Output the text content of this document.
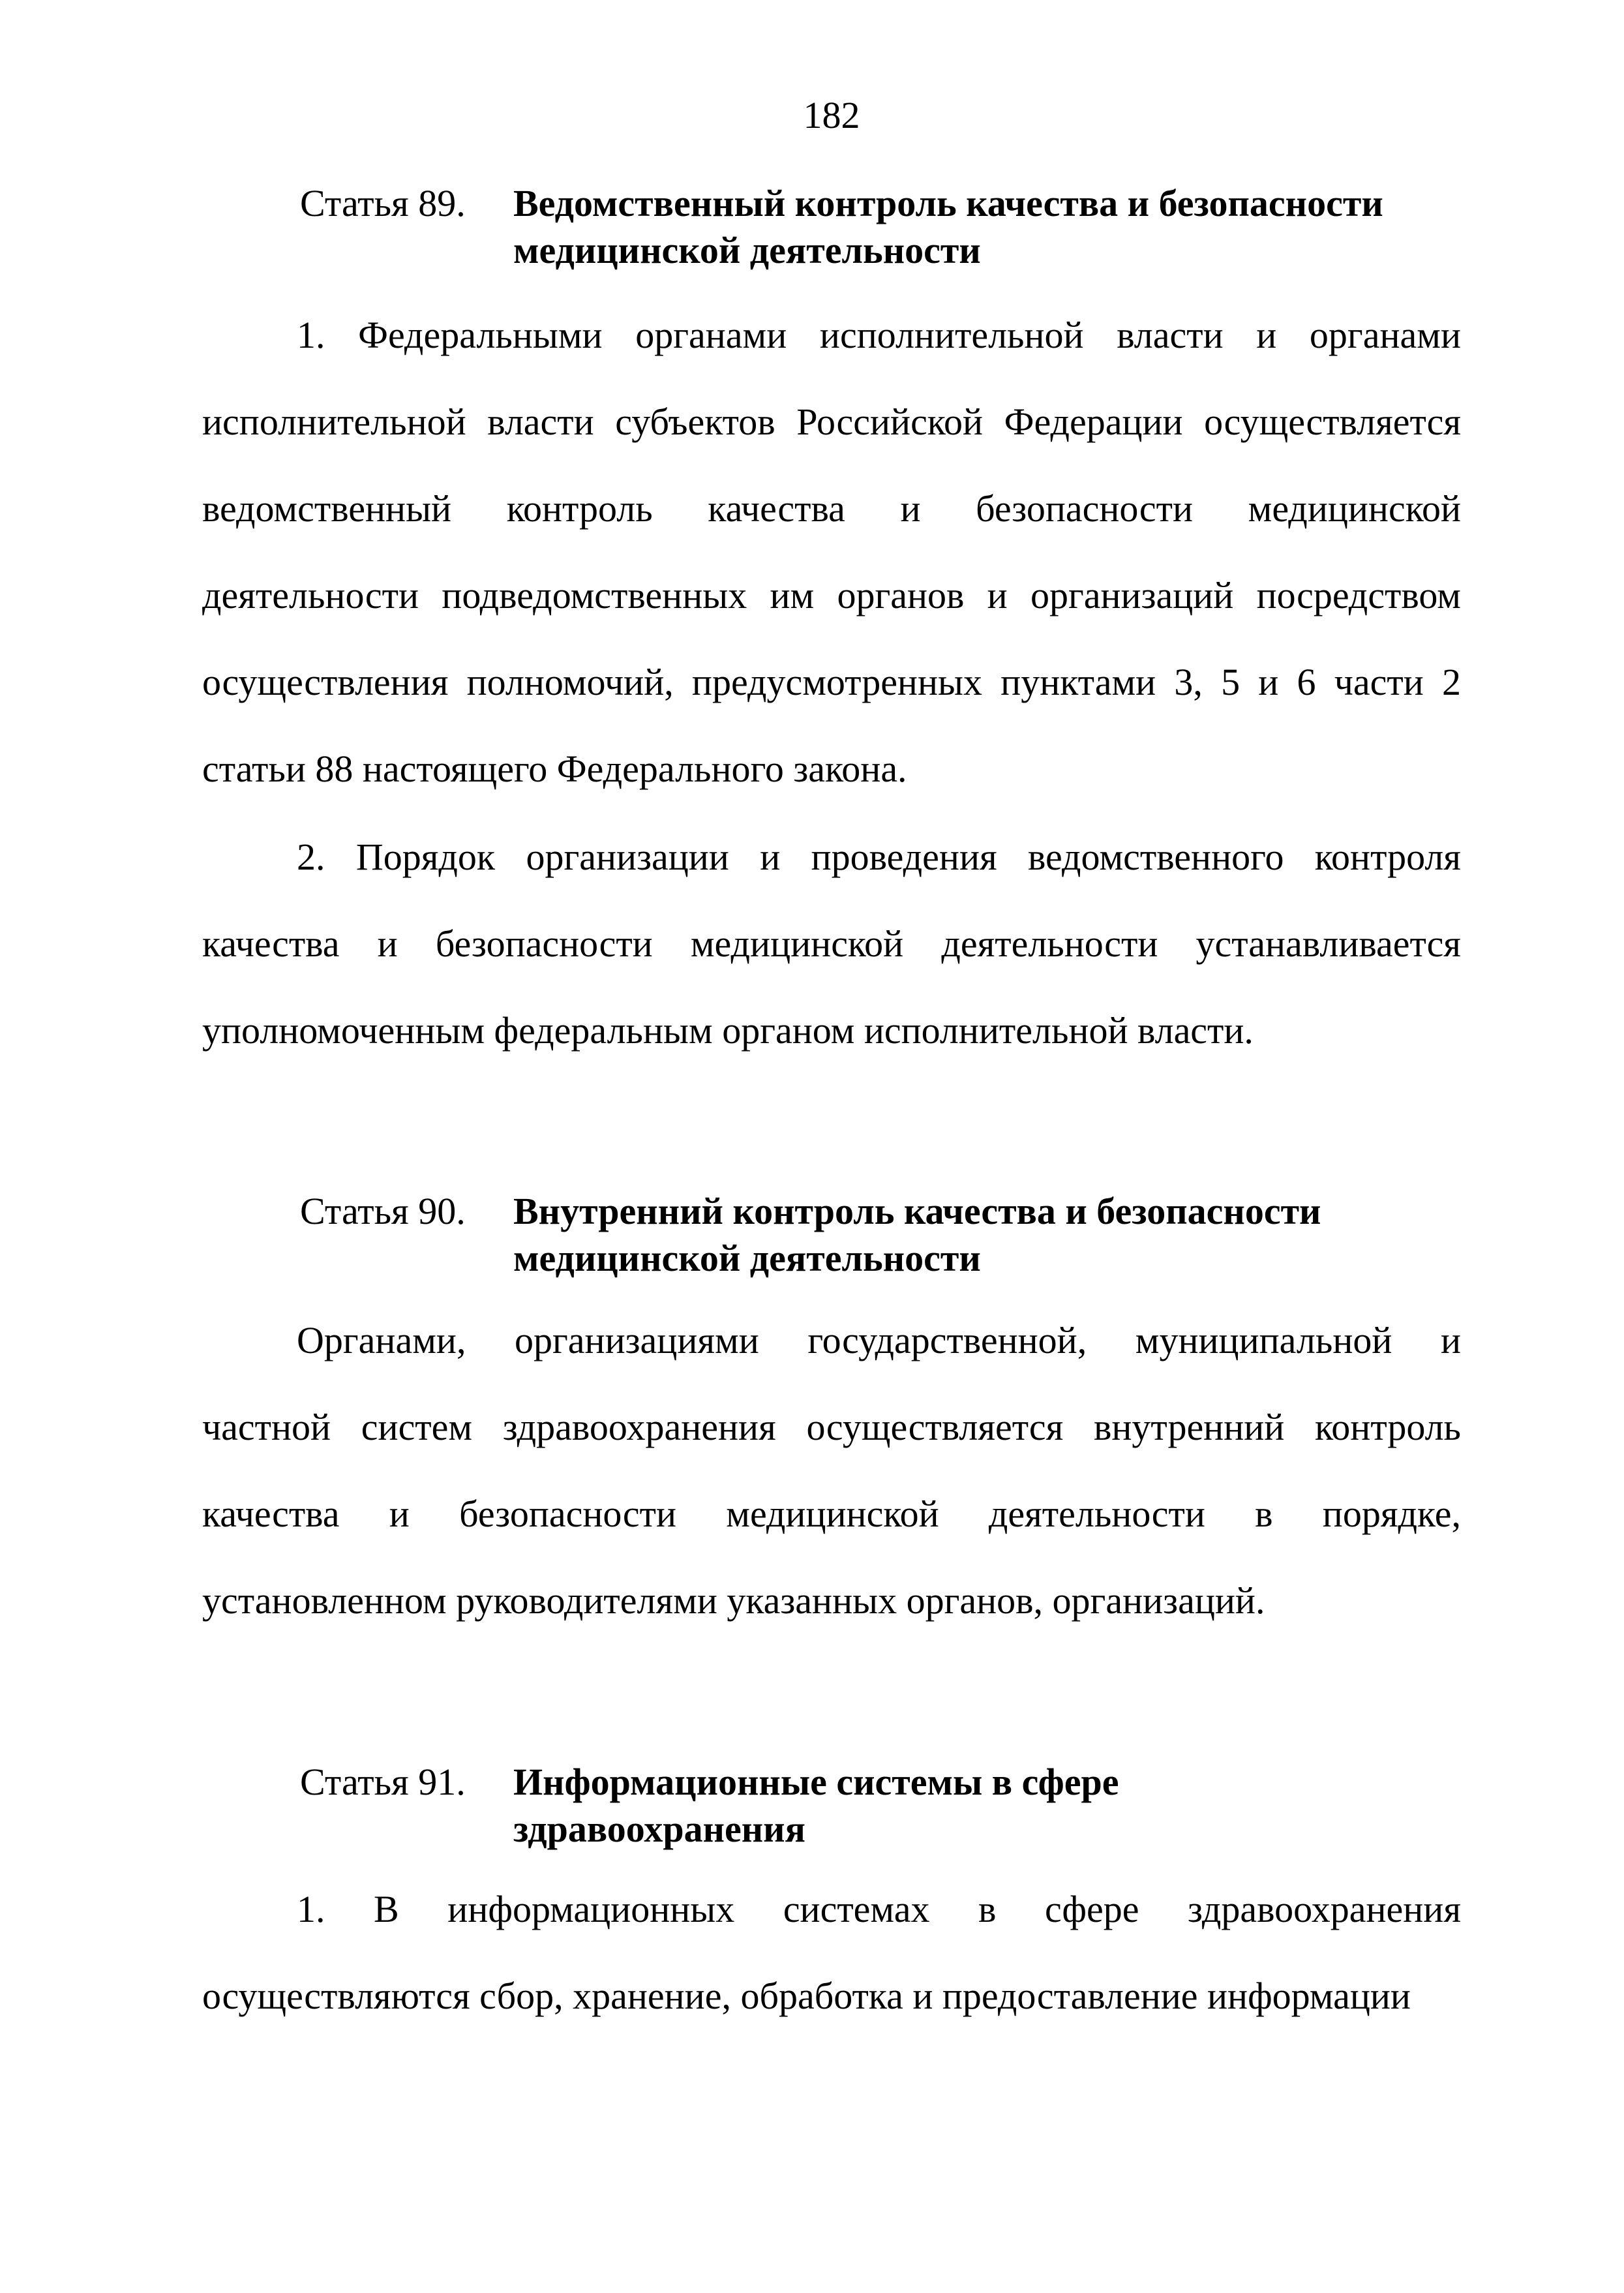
182
Статья 89.	Ведомственный контроль качества и безопасности
медицинской деятельности
1. Федеральными органами исполнительной власти и органами
исполнительной власти субъектов Российской Федерации осуществляется
ведомственный контроль качества и безопасности медицинской
деятельности подведомственных им органов и организаций посредством
осуществления полномочий, предусмотренных пунктами 3, 5 и 6 части 2
статьи 88 настоящего Федерального закона.
2. Порядок организации и проведения ведомственного контроля
качества и безопасности медицинской деятельности устанавливается
уполномоченным федеральным органом исполнительной власти.
Статья 90.	Внутренний контроль качества и безопасности
медицинской деятельности
Органами, организациями государственной, муниципальной и
частной систем здравоохранения осуществляется внутренний контроль
качества и безопасности медицинской деятельности в порядке,
установленном руководителями указанных органов, организаций.
Статья 91.	Информационные системы в сфере
здравоохранения
1. В информационных системах в сфере здравоохранения
осуществляются сбор, хранение, обработка и предоставление информации
